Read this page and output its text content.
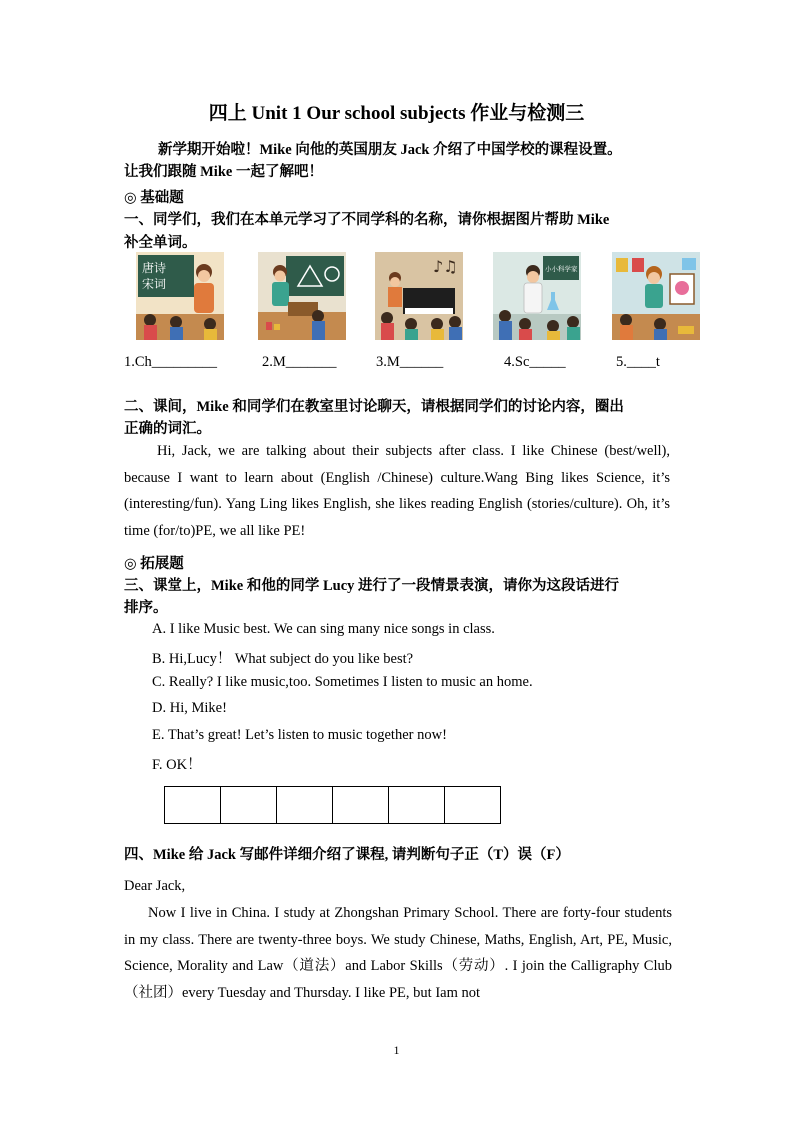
四上 Unit 1 Our school subjects 作业与检测三
新学期开始啦！Mike 向他的英国朋友 Jack 介绍了中国学校的课程设置。
让我们跟随 Mike 一起了解吧！
◎ 基础题
一、同学们，我们在本单元学习了不同学科的名称，请你根据图片帮助 Mike
补全单词。
唐诗
宋词
♪♫	小小科学家
1.Ch_________	2.M_______	3.M______	4.Sc_____	5.____t
二、课间，Mike 和同学们在教室里讨论聊天，请根据同学们的讨论内容，圈出
正确的词汇。
Hi, Jack, we are talking about their subjects after class. I like Chinese (best/well), because I want to learn about (English /Chinese) culture.Wang Bing likes Science, it’s (interesting/fun). Yang Ling likes English, she likes reading English (stories/culture). Oh, it’s time (for/to)PE, we all like PE!
◎ 拓展题
三、课堂上，Mike 和他的同学 Lucy 进行了一段情景表演，请你为这段话进行
排序。
A. I like Music best. We can sing many nice songs in class.
B. Hi,Lucy！ What subject do you like best?
C. Really? I like music,too. Sometimes I listen to music an home.
D. Hi, Mike!
E. That’s great! Let’s listen to music together now!
F. OK！

四、Mike 给 Jack 写邮件详细介绍了课程, 请判断句子正（T）误（F）
Dear Jack,
Now I live in China. I study at Zhongshan Primary School. There are forty-four students in my class. There are twenty-three boys. We study Chinese, Maths, English, Art, PE, Music, Science, Morality and Law（道法）and Labor Skills（劳动）. I join the Calligraphy Club （社团）every Tuesday and Thursday. I like PE, but Iam not
1
